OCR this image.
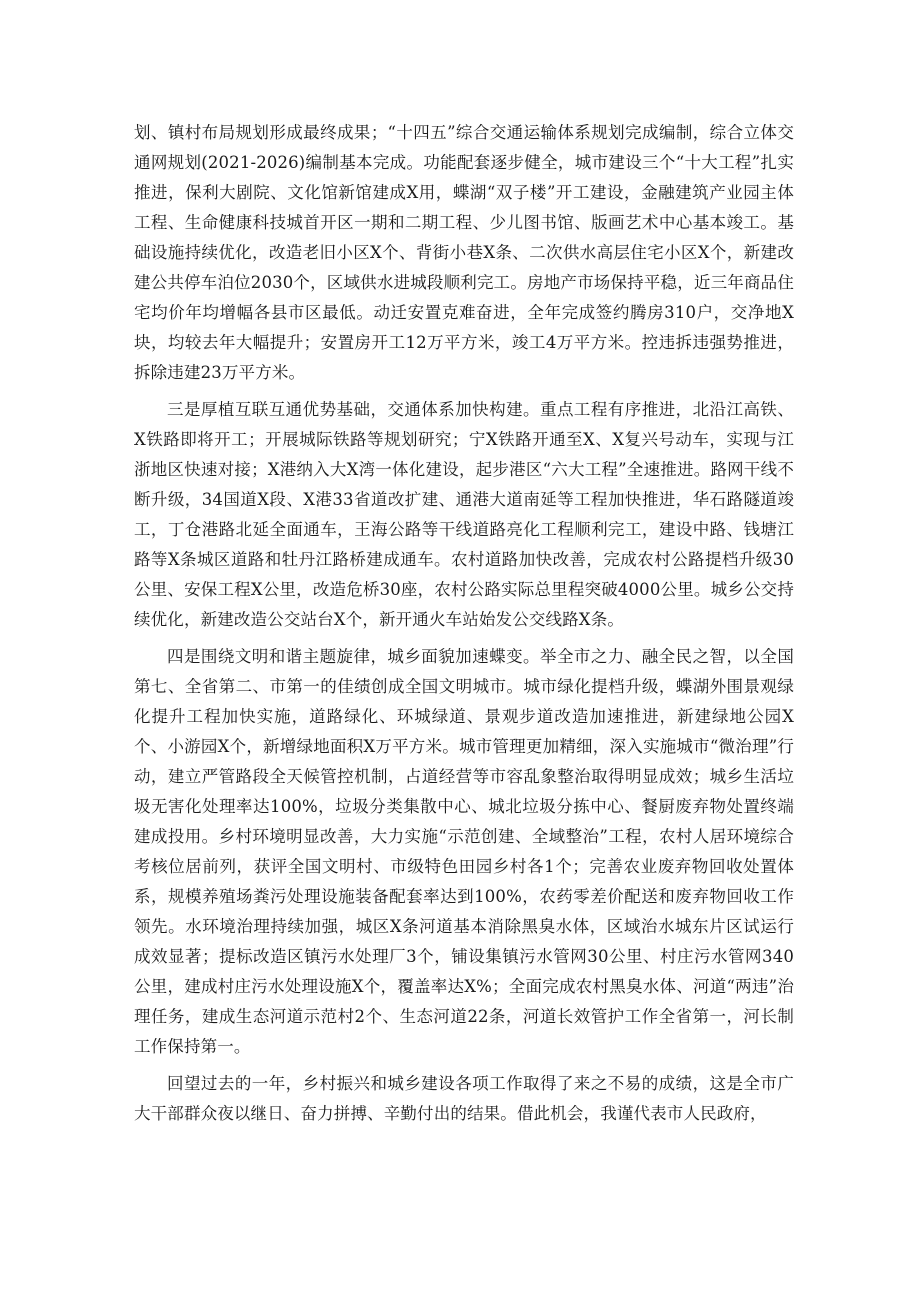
划、镇村布局规划形成最终成果；“十四五”综合交通运输体系规划完成编制，综合立体交通网规划(2021-2026)编制基本完成。功能配套逐步健全，城市建设三个“十大工程”扎实推进，保利大剧院、文化馆新馆建成X用，蝶湖“双子楼”开工建设，金融建筑产业园主体工程、生命健康科技城首开区一期和二期工程、少儿图书馆、版画艺术中心基本竣工。基础设施持续优化，改造老旧小区X个、背街小巷X条、二次供水高层住宅小区X个，新建改建公共停车泊位2030个，区域供水进城段顺利完工。房地产市场保持平稳，近三年商品住宅均价年均增幅各县市区最低。动迁安置克难奋进，全年完成签约腾房310户，交净地X块，均较去年大幅提升；安置房开工12万平方米，竣工4万平方米。控违拆违强势推进，拆除违建23万平方米。

三是厚植互联互通优势基础，交通体系加快构建。重点工程有序推进，北沿江高铁、X铁路即将开工；开展城际铁路等规划研究；宁X铁路开通至X、X复兴号动车，实现与江浙地区快速对接；X港纳入大X湾一体化建设，起步港区“六大工程”全速推进。路网干线不断升级，34国道X段、X港33省道改扩建、通港大道南延等工程加快推进，华石路隧道竣工，丁仓港路北延全面通车，王海公路等干线道路亮化工程顺利完工，建设中路、钱塘江路等X条城区道路和牡丹江路桥建成通车。农村道路加快改善，完成农村公路提档升级30公里、安保工程X公里，改造危桥30座，农村公路实际总里程突破4000公里。城乡公交持续优化，新建改造公交站台X个，新开通火车站始发公交线路X条。

四是围绕文明和谐主题旋律，城乡面貌加速蝶变。举全市之力、融全民之智，以全国第七、全省第二、市第一的佳绩创成全国文明城市。城市绿化提档升级，蝶湖外围景观绿化提升工程加快实施，道路绿化、环城绿道、景观步道改造加速推进，新建绿地公园X个、小游园X个，新增绿地面积X万平方米。城市管理更加精细，深入实施城市“微治理”行动，建立严管路段全天候管控机制，占道经营等市容乱象整治取得明显成效；城乡生活垃圾无害化处理率达100%，垃圾分类集散中心、城北垃圾分拣中心、餐厨废弃物处置终端建成投用。乡村环境明显改善，大力实施“示范创建、全域整治”工程，农村人居环境综合考核位居前列，获评全国文明村、市级特色田园乡村各1个；完善农业废弃物回收处置体系，规模养殖场粪污处理设施装备配套率达到100%，农药零差价配送和废弃物回收工作领先。水环境治理持续加强，城区X条河道基本消除黑臭水体，区域治水城东片区试运行成效显著；提标改造区镇污水处理厂3个，铺设集镇污水管网30公里、村庄污水管网340公里，建成村庄污水处理设施X个，覆盖率达X%；全面完成农村黑臭水体、河道“两违”治理任务，建成生态河道示范村2个、生态河道22条，河道长效管护工作全省第一，河长制工作保持第一。

回望过去的一年，乡村振兴和城乡建设各项工作取得了来之不易的成绩，这是全市广大干部群众夜以继日、奋力拼搏、辛勤付出的结果。借此机会，我谨代表市人民政府，
